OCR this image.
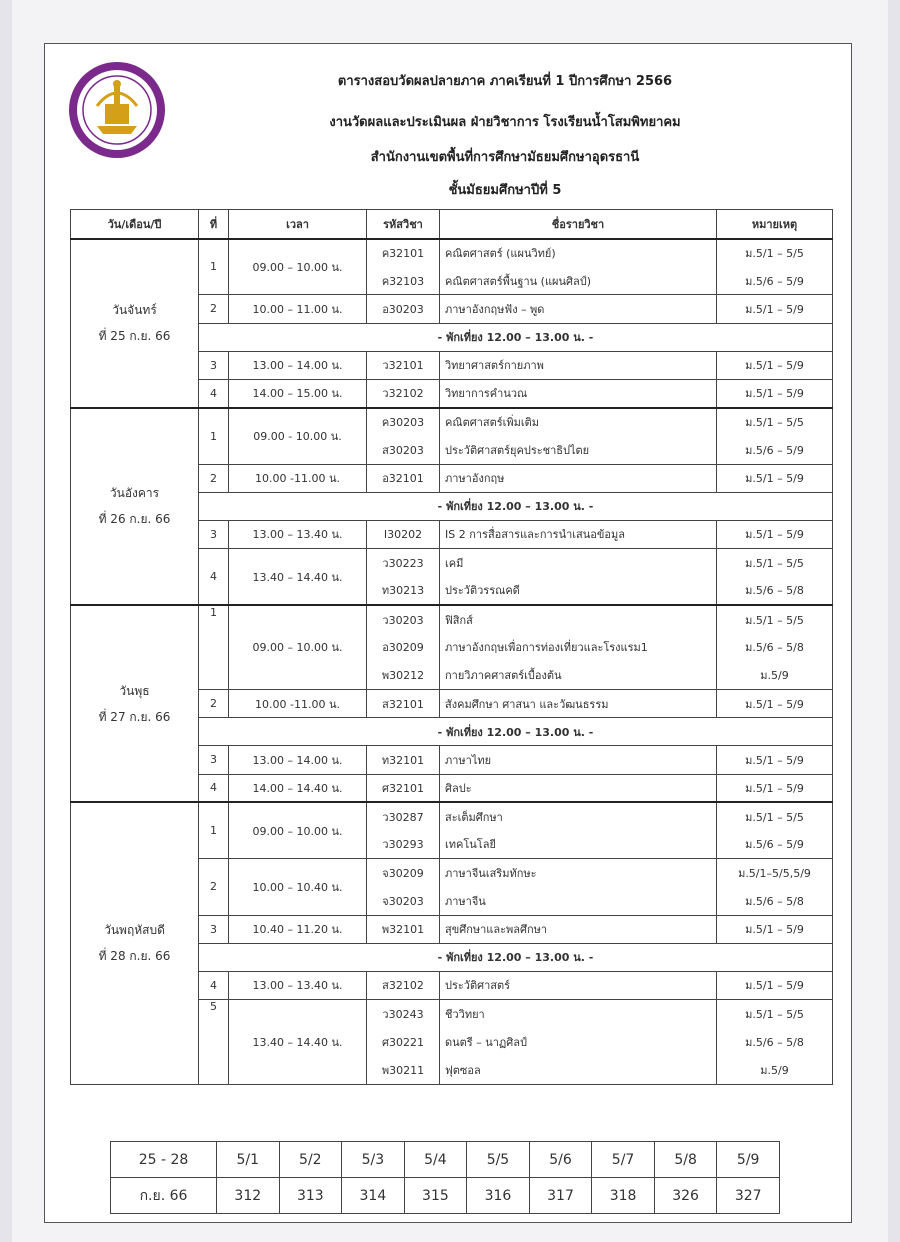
ตารางสอบวัดผลปลายภาค ภาคเรียนที่ 1 ปีการศึกษา 2566
งานวัดผลและประเมินผล ฝ่ายวิชาการ โรงเรียนน้ำโสมพิทยาคม
สำนักงานเขตพื้นที่การศึกษามัธยมศึกษาอุดรธานี
ชั้นมัธยมศึกษาปีที่ 5
วัน/เดือน/ปี	ที่	เวลา	รหัสวิชา	ชื่อรายวิชา	หมายเหตุ

วันจันทร์
ที่ 25 ก.ย. 66	1	09.00 – 10.00 น.	ค32101	คณิตศาสตร์ (แผนวิทย์)	ม.5/1 – 5/5
			ค32103	คณิตศาสตร์พื้นฐาน (แผนศิลป์)	ม.5/6 – 5/9
	2	10.00 – 11.00 น.	อ30203	ภาษาอังกฤษฟัง – พูด	ม.5/1 – 5/9
	- พักเที่ยง 12.00 – 13.00 น. -				
	3	13.00 – 14.00 น.	ว32101	วิทยาศาสตร์กายภาพ	ม.5/1 – 5/9
	4	14.00 – 15.00 น.	ว32102	วิทยาการคำนวณ	ม.5/1 – 5/9

วันอังคาร
ที่ 26 ก.ย. 66	1	09.00 - 10.00 น.	ค30203	คณิตศาสตร์เพิ่มเติม	ม.5/1 – 5/5
			ส30203	ประวัติศาสตร์ยุคประชาธิปไตย	ม.5/6 – 5/9
	2	10.00 -11.00 น.	อ32101	ภาษาอังกฤษ	ม.5/1 – 5/9
	- พักเที่ยง 12.00 – 13.00 น. -				
	3	13.00 – 13.40 น.	I30202	IS 2 การสื่อสารและการนำเสนอข้อมูล	ม.5/1 – 5/9
	4	13.40 – 14.40 น.	ว30223	เคมี	ม.5/1 – 5/5
			ท30213	ประวัติวรรณคดี	ม.5/6 – 5/8

วันพุธ
ที่ 27 ก.ย. 66	1	09.00 – 10.00 น.	ว30203	ฟิสิกส์	ม.5/1 – 5/5
			อ30209	ภาษาอังกฤษเพื่อการท่องเที่ยวและโรงแรม1	ม.5/6 – 5/8
			พ30212	กายวิภาคศาสตร์เบื้องต้น	ม.5/9
	2	10.00 -11.00 น.	ส32101	สังคมศึกษา ศาสนา และวัฒนธรรม	ม.5/1 – 5/9
	- พักเที่ยง 12.00 – 13.00 น. -				
	3	13.00 – 14.00 น.	ท32101	ภาษาไทย	ม.5/1 – 5/9
	4	14.00 – 14.40 น.	ศ32101	ศิลปะ	ม.5/1 – 5/9

วันพฤหัสบดี
ที่ 28 ก.ย. 66	1	09.00 – 10.00 น.	ว30287	สะเต็มศึกษา	ม.5/1 – 5/5
			ว30293	เทคโนโลยี	ม.5/6 – 5/9
	2	10.00 – 10.40 น.	จ30209	ภาษาจีนเสริมทักษะ	ม.5/1–5/5,5/9
			จ30203	ภาษาจีน	ม.5/6 – 5/8
	3	10.40 – 11.20 น.	พ32101	สุขศึกษาและพลศึกษา	ม.5/1 – 5/9
	- พักเที่ยง 12.00 – 13.00 น. -				
	4	13.00 – 13.40 น.	ส32102	ประวัติศาสตร์	ม.5/1 – 5/9
	5	13.40 – 14.40 น.	ว30243	ชีววิทยา	ม.5/1 – 5/5
			ศ30221	ดนตรี – นาฏศิลป์	ม.5/6 – 5/8
			พ30211	ฟุตซอล	ม.5/9
25 - 28	5/1	5/2	5/3	5/4	5/5	5/6	5/7	5/8	5/9
ก.ย. 66	312	313	314	315	316	317	318	326	327
